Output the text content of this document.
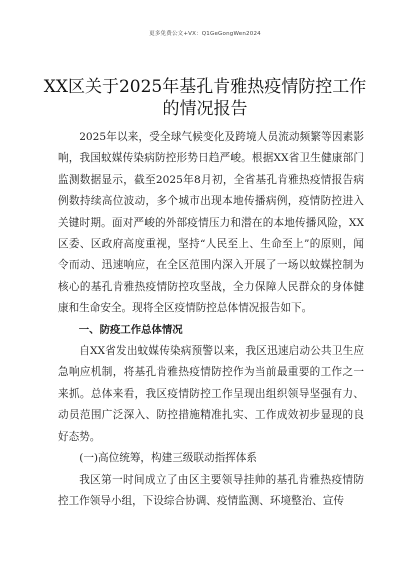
更多免费公文+VX：Q1GeGongWen2024
XX区关于2025年基孔肯雅热疫情防控工作的情况报告

2025年以来，受全球气候变化及跨境人员流动频繁等因素影响，我国蚊媒传染病防控形势日趋严峻。根据XX省卫生健康部门监测数据显示，截至2025年8月初，全省基孔肯雅热疫情报告病例数持续高位波动，多个城市出现本地传播病例，疫情防控进入关键时期。面对严峻的外部疫情压力和潜在的本地传播风险，XX区委、区政府高度重视，坚持“人民至上、生命至上”的原则，闻令而动、迅速响应，在全区范围内深入开展了一场以蚊媒控制为核心的基孔肯雅热疫情防控攻坚战，全力保障人民群众的身体健康和生命安全。现将全区疫情防控总体情况报告如下。

一、防疫工作总体情况

自XX省发出蚊媒传染病预警以来，我区迅速启动公共卫生应急响应机制，将基孔肯雅热疫情防控作为当前最重要的工作之一来抓。总体来看，我区疫情防控工作呈现出组织领导坚强有力、动员范围广泛深入、防控措施精准扎实、工作成效初步显现的良好态势。

(一)高位统筹，构建三级联动指挥体系

我区第一时间成立了由区主要领导挂帅的基孔肯雅热疫情防控工作领导小组，下设综合协调、疫情监测、环境整治、宣传
